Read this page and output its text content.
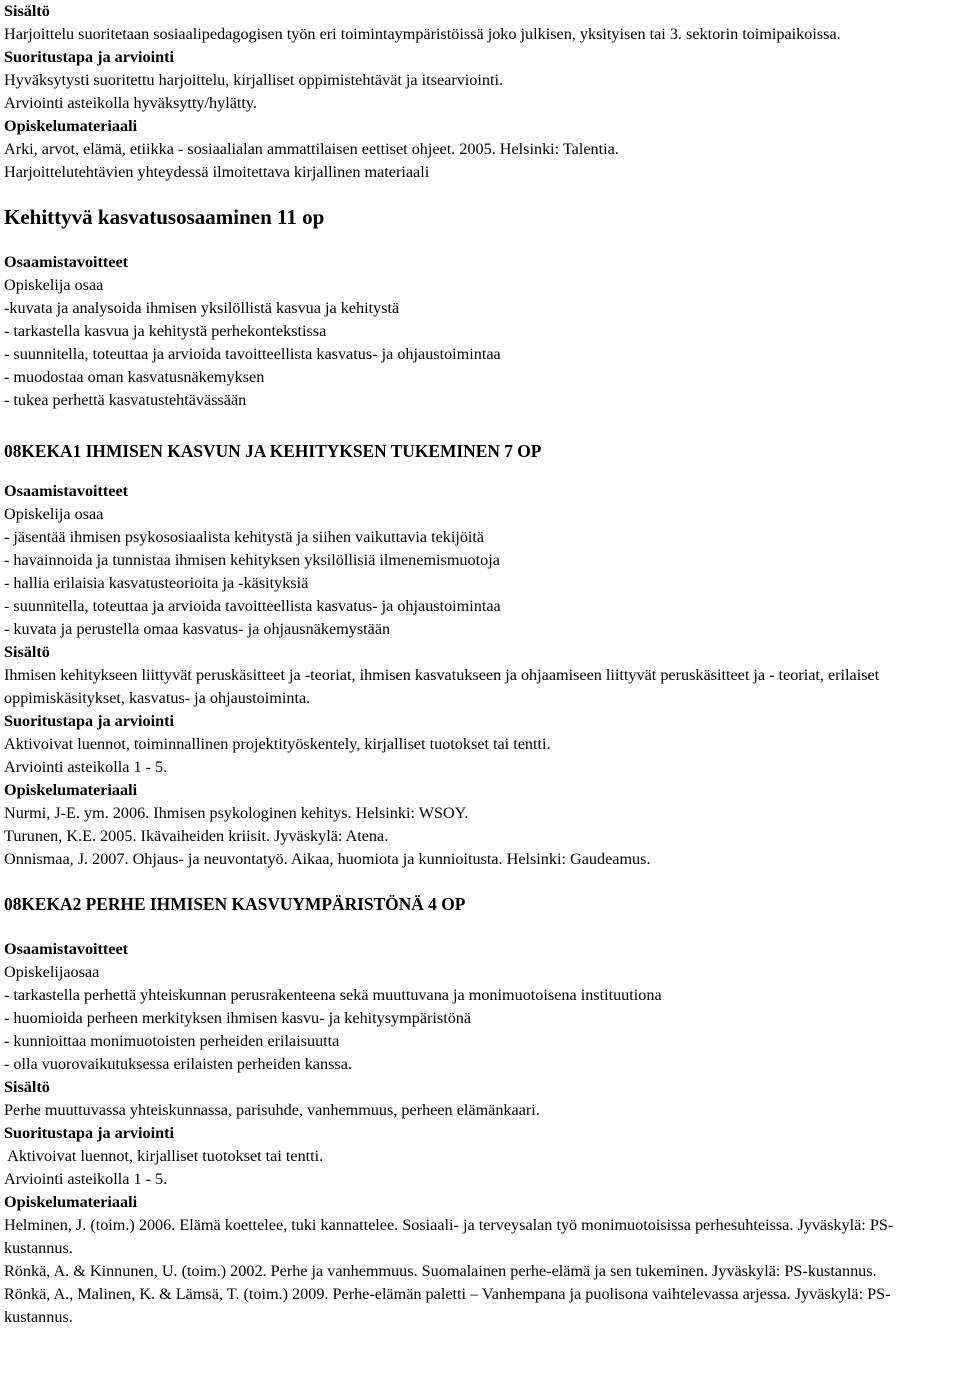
Sisältö
Harjoittelu suoritetaan sosiaalipedagogisen työn eri toimintaympäristöissä joko julkisen, yksityisen tai 3. sektorin toimipaikoissa.
Suoritustapa ja arviointi
Hyväksytysti suoritettu harjoittelu, kirjalliset oppimistehtävät ja itsearviointi.
Arviointi asteikolla hyväksytty/hylätty.
Opiskelumateriaali
Arki, arvot, elämä, etiikka - sosiaalialan ammattilaisen eettiset ohjeet. 2005. Helsinki: Talentia.
Harjoittelutehtävien yhteydessä ilmoitettava kirjallinen materiaali
Kehittyvä kasvatusosaaminen 11 op
Osaamistavoitteet
Opiskelija osaa
-kuvata ja analysoida ihmisen yksilöllistä kasvua ja kehitystä
- tarkastella kasvua ja kehitystä perhekontekstissa
- suunnitella, toteuttaa ja arvioida tavoitteellista kasvatus- ja ohjaustoimintaa
- muodostaa oman kasvatusnäkemyksen
- tukea perhettä kasvatustehtävässään
08KEKA1 IHMISEN KASVUN JA KEHITYKSEN TUKEMINEN 7 OP
Osaamistavoitteet
Opiskelija osaa
- jäsentää ihmisen psykososiaalista kehitystä ja siihen vaikuttavia tekijöitä
- havainnoida ja tunnistaa ihmisen kehityksen yksilöllisiä ilmenemismuotoja
- hallia erilaisia kasvatusteorioita ja -käsityksiä
- suunnitella, toteuttaa ja arvioida tavoitteellista kasvatus- ja ohjaustoimintaa
- kuvata ja perustella omaa kasvatus- ja ohjausnäkemystään
Sisältö
Ihmisen kehitykseen liittyvät peruskäsitteet ja -teoriat, ihmisen kasvatukseen ja ohjaamiseen liittyvät peruskäsitteet ja - teoriat, erilaiset oppimiskäsitykset, kasvatus- ja ohjaustoiminta.
Suoritustapa ja arviointi
Aktivoivat luennot, toiminnallinen projektityöskentely, kirjalliset tuotokset tai tentti.
Arviointi asteikolla 1 - 5.
Opiskelumateriaali
Nurmi, J-E. ym. 2006. Ihmisen psykologinen kehitys. Helsinki: WSOY.
Turunen, K.E. 2005. Ikävaiheiden kriisit. Jyväskylä: Atena.
Onnismaa, J. 2007. Ohjaus- ja neuvontatyö. Aikaa, huomiota ja kunnioitusta. Helsinki: Gaudeamus.
08KEKA2 PERHE IHMISEN KASVUYMPÄRISTÖNÄ 4 OP
Osaamistavoitteet
Opiskelijaosaa
- tarkastella perhettä yhteiskunnan perusrakenteena sekä muuttuvana ja monimuotoisena instituutiona
- huomioida perheen merkityksen ihmisen kasvu- ja kehitysympäristönä
- kunnioittaa monimuotoisten perheiden erilaisuutta
- olla vuorovaikutuksessa erilaisten perheiden kanssa.
Sisältö
Perhe muuttuvassa yhteiskunnassa, parisuhde, vanhemmuus, perheen elämänkaari.
Suoritustapa ja arviointi
Aktivoivat luennot, kirjalliset tuotokset tai tentti.
Arviointi asteikolla 1 - 5.
Opiskelumateriaali
Helminen, J. (toim.) 2006. Elämä koettelee, tuki kannattelee. Sosiaali- ja terveysalan työ monimuotoisissa perhesuhteissa. Jyväskylä: PS-kustannus.
Rönkä, A. & Kinnunen, U. (toim.) 2002. Perhe ja vanhemmuus. Suomalainen perhe-elämä ja sen tukeminen. Jyväskylä: PS-kustannus.
Rönkä, A., Malinen, K. & Lämsä, T. (toim.) 2009. Perhe-elämän paletti – Vanhempana ja puolisona vaihtelevassa arjessa. Jyväskylä: PS-kustannus.
